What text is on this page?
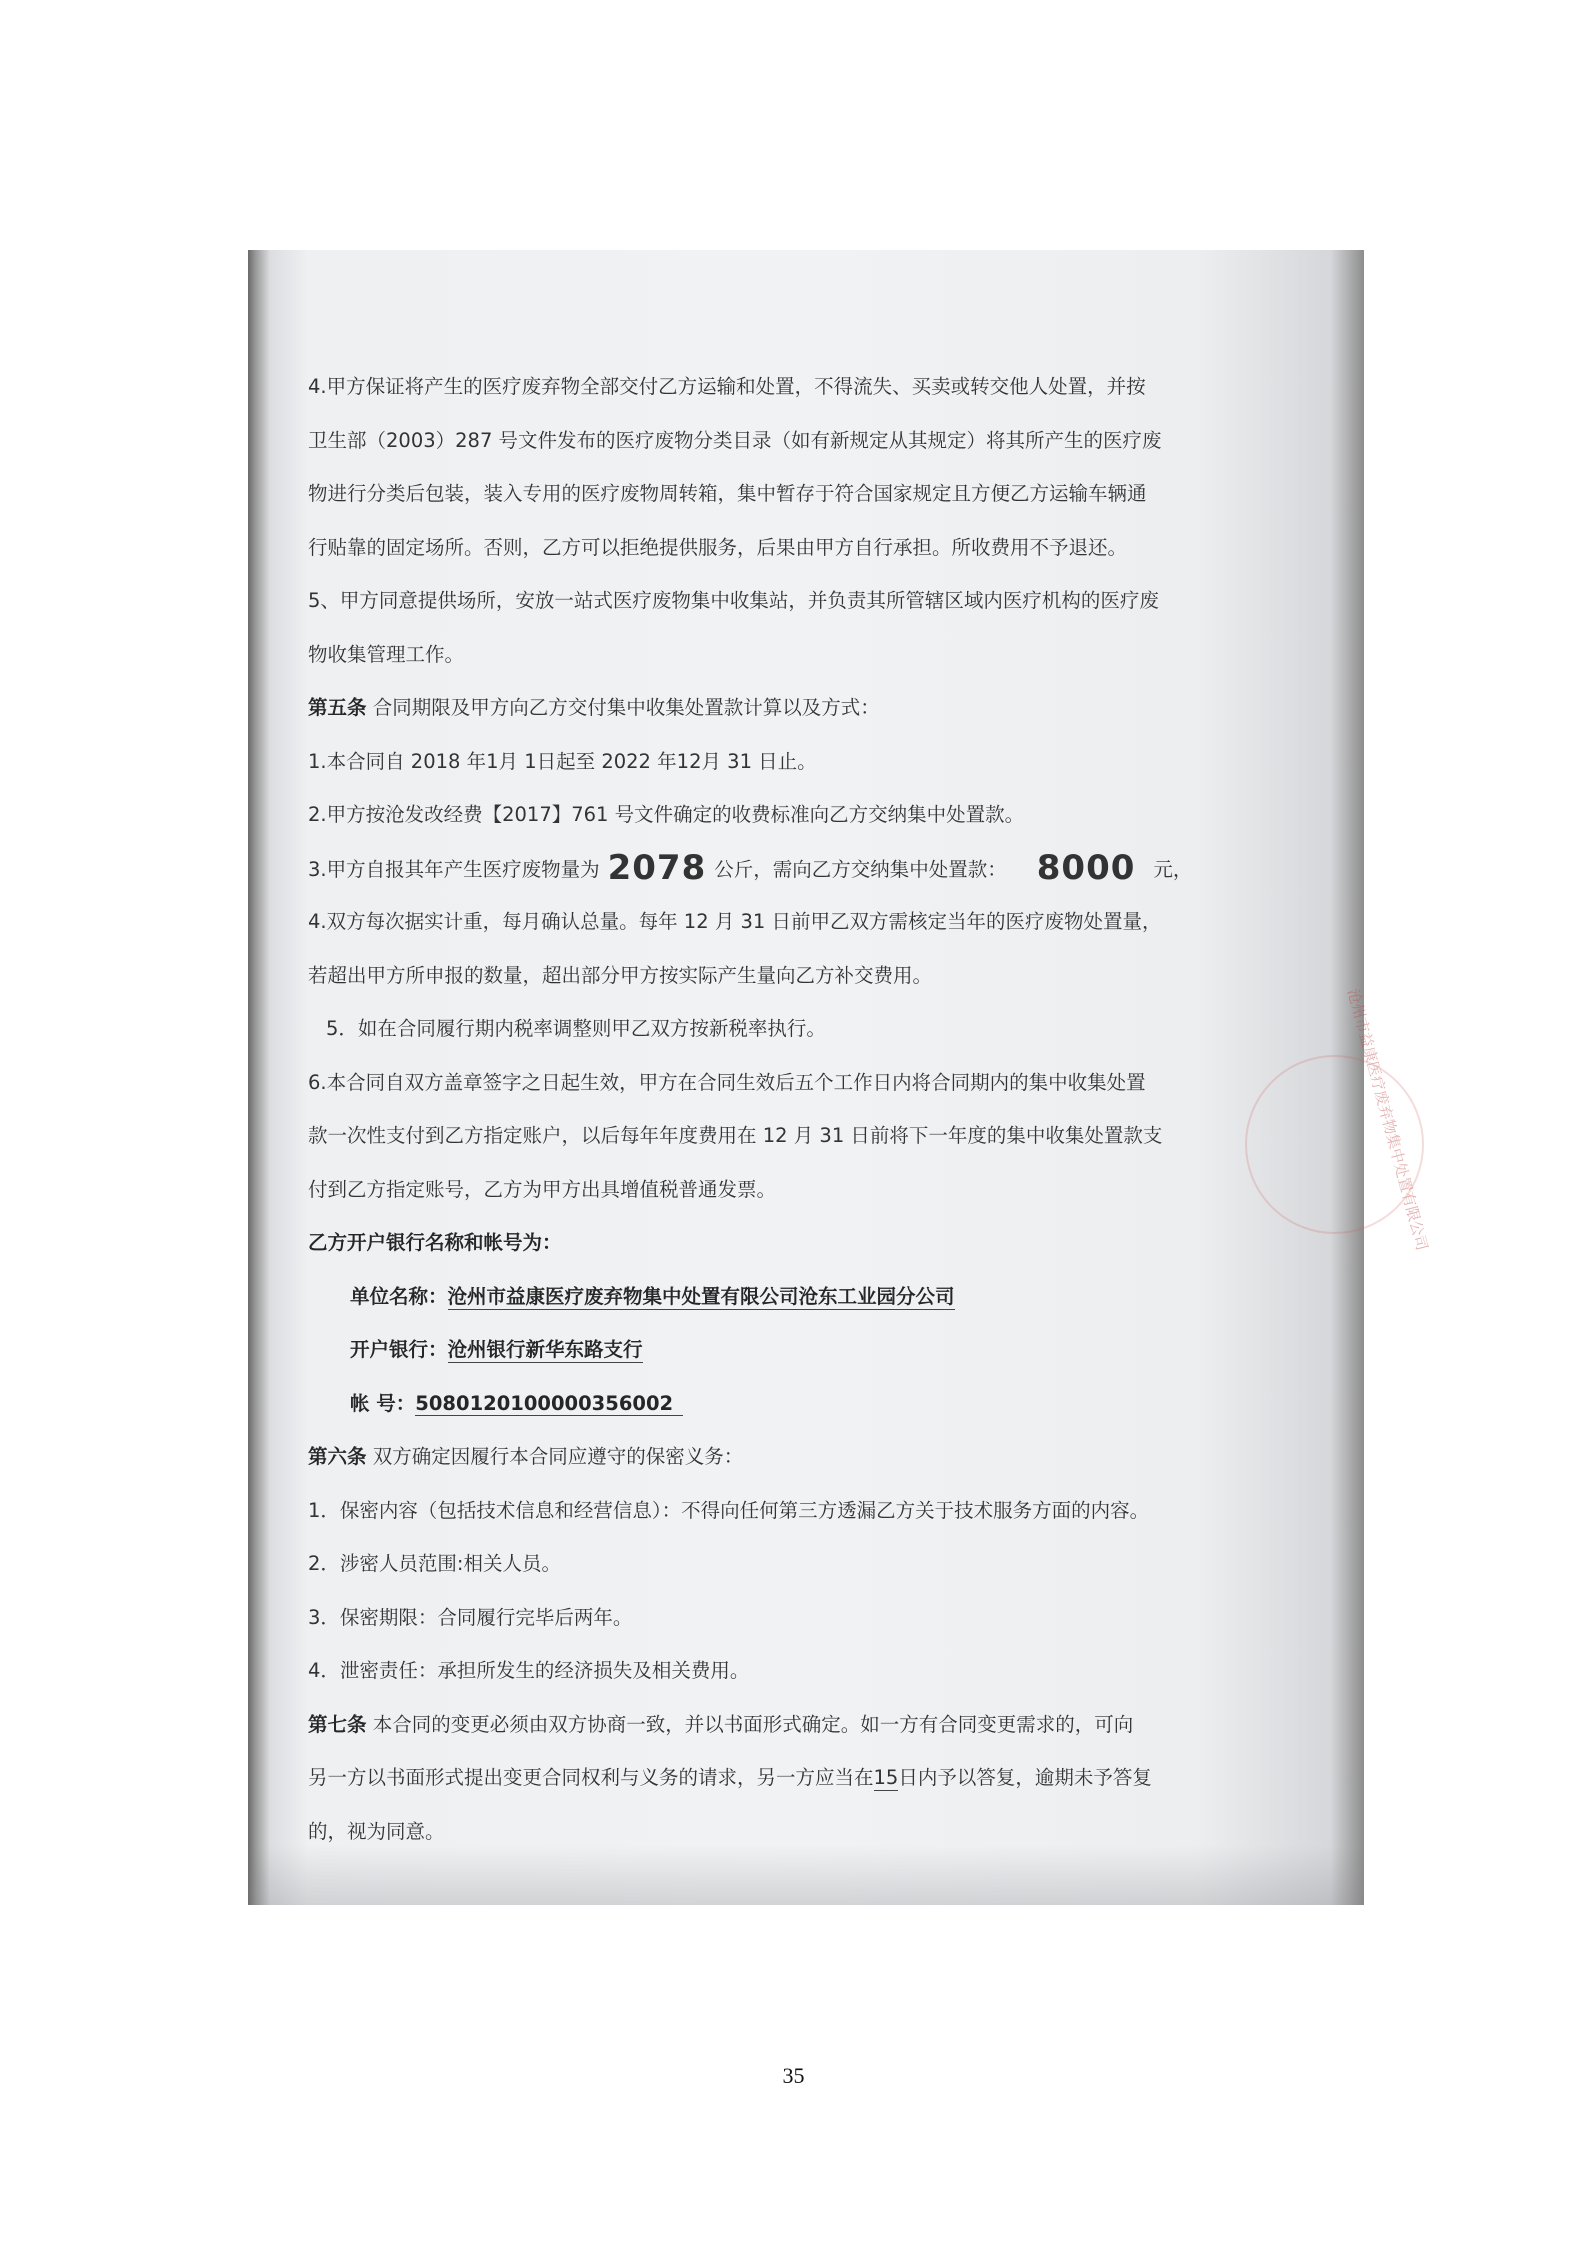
4.甲方保证将产生的医疗废弃物全部交付乙方运输和处置，不得流失、买卖或转交他人处置，并按
卫生部（2003）287 号文件发布的医疗废物分类目录（如有新规定从其规定）将其所产生的医疗废
物进行分类后包装，装入专用的医疗废物周转箱，集中暂存于符合国家规定且方便乙方运输车辆通
行贴靠的固定场所。否则，乙方可以拒绝提供服务，后果由甲方自行承担。所收费用不予退还。
5、甲方同意提供场所，安放一站式医疗废物集中收集站，并负责其所管辖区域内医疗机构的医疗废
物收集管理工作。
第五条 合同期限及甲方向乙方交付集中收集处置款计算以及方式：
1.本合同自 2018 年1月 1日起至 2022 年12月 31 日止。
2.甲方按沧发改经费【2017】761 号文件确定的收费标准向乙方交纳集中处置款。
3.甲方自报其年产生医疗废物量为 2078 公斤，需向乙方交纳集中处置款： 8000 元，
4.双方每次据实计重，每月确认总量。每年 12 月 31 日前甲乙双方需核定当年的医疗废物处置量，
若超出甲方所申报的数量，超出部分甲方按实际产生量向乙方补交费用。
5．如在合同履行期内税率调整则甲乙双方按新税率执行。
6.本合同自双方盖章签字之日起生效，甲方在合同生效后五个工作日内将合同期内的集中收集处置
款一次性支付到乙方指定账户，以后每年年度费用在 12 月 31 日前将下一年度的集中收集处置款支
付到乙方指定账号，乙方为甲方出具增值税普通发票。
乙方开户银行名称和帐号为：
单位名称：沧州市益康医疗废弃物集中处置有限公司沧东工业园分公司
开户银行：沧州银行新华东路支行
帐 号：508012010000035600​2
第六条 双方确定因履行本合同应遵守的保密义务：
1．保密内容（包括技术信息和经营信息）：不得向任何第三方透漏乙方关于技术服务方面的内容。
2．涉密人员范围:相关人员。
3．保密期限：合同履行完毕后两年。
4．泄密责任：承担所发生的经济损失及相关费用。
第七条 本合同的变更必须由双方协商一致，并以书面形式确定。如一方有合同变更需求的，可向
另一方以书面形式提出变更合同权利与义务的请求，另一方应当在15日内予以答复，逾期未予答复
的，视为同意。
沧州市益康医疗废弃物集中处置有限公司
35
